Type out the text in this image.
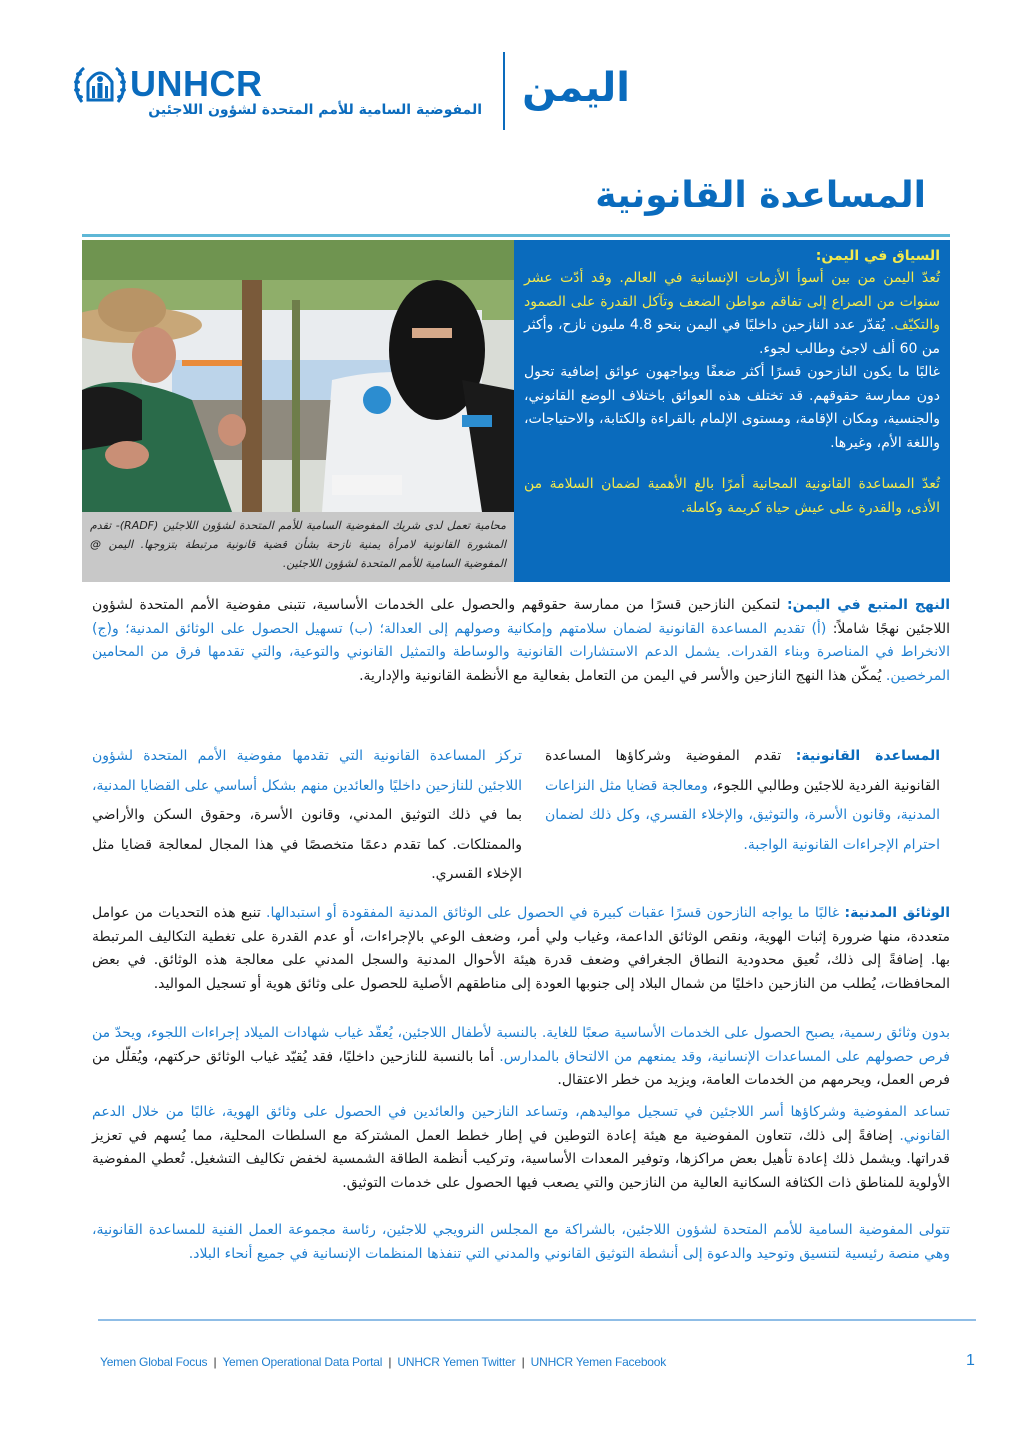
UNHCR
المفوضية السامية للأمم المتحدة لشؤون اللاجئين اليمن
المساعدة القانونية
محامية تعمل لدى شريك المفوضية السامية للأمم المتحدة لشؤون اللاجئين (RADF)- تقدم المشورة القانونية لامرأة يمنية نازحة بشأن قضية قانونية مرتبطة بتزوجها. اليمن @ المفوضية السامية للأمم المتحدة لشؤون اللاجئين.
السياق في اليمن:

تُعدّ اليمن من بين أسوأ الأزمات الإنسانية في العالم. وقد أدّت عشر سنوات من الصراع إلى تفاقم مواطن الضعف وتآكل القدرة على الصمود والتكيّف. يُقدّر عدد النازحين داخليًا في اليمن بنحو 4.8 مليون نازح، وأكثر من 60 ألف لاجئ وطالب لجوء.

غالبًا ما يكون النازحون قسرًا أكثر ضعفًا ويواجهون عوائق إضافية تحول دون ممارسة حقوقهم. قد تختلف هذه العوائق باختلاف الوضع القانوني، والجنسية، ومكان الإقامة، ومستوى الإلمام بالقراءة والكتابة، والاحتياجات، واللغة الأم، وغيرها.

تُعدّ المساعدة القانونية المجانية أمرًا بالغ الأهمية لضمان السلامة من الأذى، والقدرة على عيش حياة كريمة وكاملة.

النهج المتبع في اليمن: لتمكين النازحين قسرًا من ممارسة حقوقهم والحصول على الخدمات الأساسية، تتبنى مفوضية الأمم المتحدة لشؤون اللاجئين نهجًا شاملاً: (أ) تقديم المساعدة القانونية لضمان سلامتهم وإمكانية وصولهم إلى العدالة؛ (ب) تسهيل الحصول على الوثائق المدنية؛ و(ج) الانخراط في المناصرة وبناء القدرات. يشمل الدعم الاستشارات القانونية والوساطة والتمثيل القانوني والتوعية، والتي تقدمها فرق من المحامين المرخصين. يُمكّن هذا النهج النازحين والأسر في اليمن من التعامل بفعالية مع الأنظمة القانونية والإدارية.
المساعدة القانونية: تقدم المفوضية وشركاؤها المساعدة القانونية الفردية للاجئين وطالبي اللجوء، ومعالجة قضايا مثل النزاعات المدنية، وقانون الأسرة، والتوثيق، والإخلاء القسري، وكل ذلك لضمان احترام الإجراءات القانونية الواجبة.
تركز المساعدة القانونية التي تقدمها مفوضية الأمم المتحدة لشؤون اللاجئين للنازحين داخليًا والعائدين منهم بشكل أساسي على القضايا المدنية، بما في ذلك التوثيق المدني، وقانون الأسرة، وحقوق السكن والأراضي والممتلكات. كما تقدم دعمًا متخصصًا في هذا المجال لمعالجة قضايا مثل الإخلاء القسري.
الوثائق المدنية: غالبًا ما يواجه النازحون قسرًا عقبات كبيرة في الحصول على الوثائق المدنية المفقودة أو استبدالها. تنبع هذه التحديات من عوامل متعددة، منها ضرورة إثبات الهوية، ونقص الوثائق الداعمة، وغياب ولي أمر، وضعف الوعي بالإجراءات، أو عدم القدرة على تغطية التكاليف المرتبطة بها. إضافةً إلى ذلك، تُعيق محدودية النطاق الجغرافي وضعف قدرة هيئة الأحوال المدنية والسجل المدني على معالجة هذه الوثائق. في بعض المحافظات، يُطلب من النازحين داخليًا من شمال البلاد إلى جنوبها العودة إلى مناطقهم الأصلية للحصول على وثائق هوية أو تسجيل المواليد.
بدون وثائق رسمية، يصبح الحصول على الخدمات الأساسية صعبًا للغاية. بالنسبة لأطفال اللاجئين، يُعقّد غياب شهادات الميلاد إجراءات اللجوء، ويحدّ من فرص حصولهم على المساعدات الإنسانية، وقد يمنعهم من الالتحاق بالمدارس. أما بالنسبة للنازحين داخليًا، فقد يُقيّد غياب الوثائق حركتهم، ويُقلّل من فرص العمل، ويحرمهم من الخدمات العامة، ويزيد من خطر الاعتقال.
تساعد المفوضية وشركاؤها أسر اللاجئين في تسجيل مواليدهم، وتساعد النازحين والعائدين في الحصول على وثائق الهوية، غالبًا من خلال الدعم القانوني. إضافةً إلى ذلك، تتعاون المفوضية مع هيئة إعادة التوطين في إطار خطط العمل المشتركة مع السلطات المحلية، مما يُسهم في تعزيز قدراتها. ويشمل ذلك إعادة تأهيل بعض مراكزها، وتوفير المعدات الأساسية، وتركيب أنظمة الطاقة الشمسية لخفض تكاليف التشغيل. تُعطي المفوضية الأولوية للمناطق ذات الكثافة السكانية العالية من النازحين والتي يصعب فيها الحصول على خدمات التوثيق.
تتولى المفوضية السامية للأمم المتحدة لشؤون اللاجئين، بالشراكة مع المجلس النرويجي للاجئين، رئاسة مجموعة العمل الفنية للمساعدة القانونية، وهي منصة رئيسية لتنسيق وتوحيد والدعوة إلى أنشطة التوثيق القانوني والمدني التي تنفذها المنظمات الإنسانية في جميع أنحاء البلاد.
Yemen Global Focus | Yemen Operational Data Portal | UNHCR Yemen Twitter | UNHCR Yemen Facebook	1
